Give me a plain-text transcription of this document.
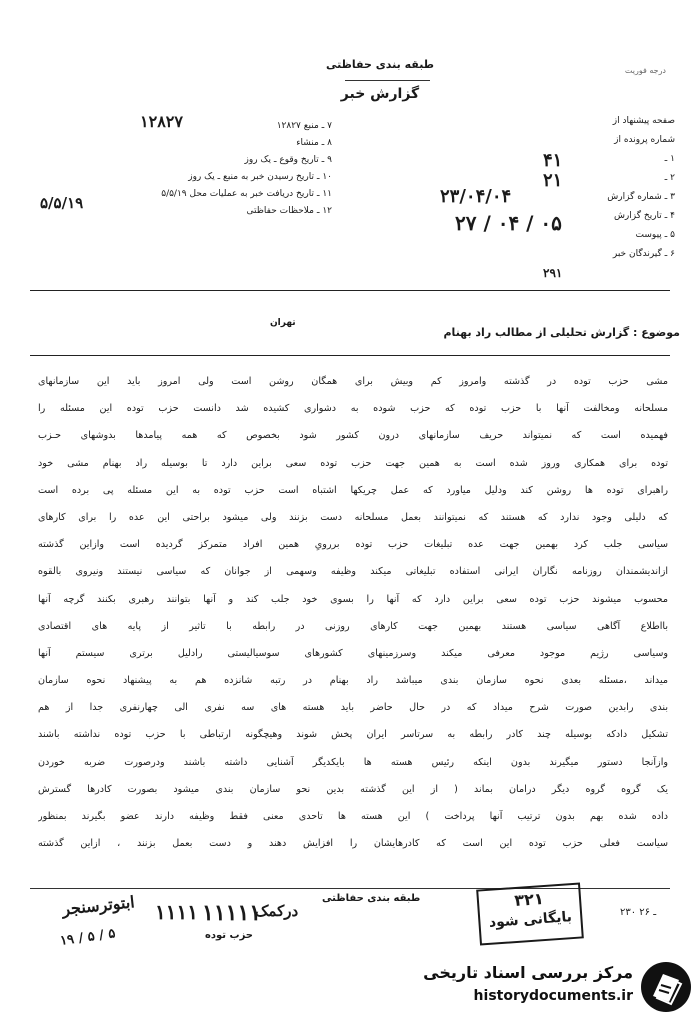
طبقه بندی حفاظتی
گزارش خبر
درجه فوریت
۷ ـ منبع ۱۲۸۲۷
۸ ـ منشاء
۹ ـ تاریخ وقوع ـ یک روز
۱۰ ـ تاریخ رسیدن خبر به منبع ـ یک روز
۱۱ ـ تاریخ دریافت خبر به عملیات محل ۵/۵/۱۹
۱۲ ـ ملاحظات حفاظتی
صفحه پیشنهاد از
شماره پرونده از
۱ ـ
۲ ـ
۳ ـ شماره گزارش
۴ ـ تاریخ گزارش
۵ ـ پیوست
۶ ـ گیرندگان خبر
۱۲۸۲۷
۵/۵/۱۹
۴۱
۲۱
۲۳/۰۴/۰۴
۲۷ / ۰۴ / ۰۵
۲۹۱
تهران
موضوع : گزارش تحلیلی از مطالب راد بهنام
مشی حزب توده در گذشته وامروز کم وبیش برای همگان روشن است ولی امروز باید این سازمانهای
مسلحانه ومخالفت آنها با حزب توده که حزب شوده به دشواری کشیده شد دانست حزب توده این مسئله را
فهمیده است که نمیتواند حریف سازمانهای درون کشور شود بخصوص که همه پیامدها بدوشهای حـزب
توده برای همکاری وروز شده است به همین جهت حزب توده سعی براین دارد تا بوسیله راد بهنام مشی خود
راهبرای توده ها روشن کند ودلیل میاورد که عمل چریکها اشتباه است حزب توده به این مسئله پی برده است
که دلیلی وجود ندارد که هستند که نمیتوانند بعمل مسلحانه دست بزنند ولی میشود براحتی این عده را برای کارهای
سیاسی جلب کرد بهمین جهت عده تبلیغات حزب توده بررویِ همین افراد متمرکز گردیده است وازاین گذشته
ازاندیشمندان روزنامه نگاران ایرانی استفاده تبلیغاتی میکند وظیفه وسهمی از جوانان که سیاسی نیستند ونیروی بالقوه
محسوب میشوند حزب توده سعی براین دارد که آنها را بسوی خود جلب کند و آنها بتوانند رهبری بکنند گرچه آنها
بااطلاع آگاهی سیاسی هستند بهمین جهت کارهای روزنی در رابطه با تاثیر از پایه های اقتصادی
وسیاسی رژیم موجود معرفی میکند وسرزمینهای کشورهای سوسیالیستی رادلیل برتری سیستم آنها
میداند ،مسئله بعدی نحوه سازمان بندی میباشد راد بهنام در رتبه شانزده هم به پیشنهاد نحوه سازمان
بندی رابدین صورت شرح میداد که در حال حاضر باید هسته های سه نفری الی چهارنفری جدا از هم
تشکیل دادکه بوسیله چند کادر رابطه به سرتاسر ایران پخش شوند وهیچگونه ارتباطی با حزب توده نداشته باشند
وازآنجا دستور میگیرند بدون اینکه رئیس هسته ها بایکدیگر آشنایی داشته باشند ودرصورت ضربه خوردن
یک گروه گروه دیگر درامان بماند ( از این گذشته بدین نحو سازمان بندی میشود بصورت کادرها گسترش
داده شده بهم بدون ترتیب آنها پرداخت ) این هسته ها تاحدی معنی فقط وظیفه دارند عضو بگیرند بمنظور
سیاست فعلی حزب توده این است که کادرهایشان را افزایش دهند و دست بعمل بزنند ، ازاین گذشته
طبقه بندی حفاظتی
۲۳۰ ـ ۲۶
ابتوترسنجر
۱۹ / ۵ / ۵
۱۱۱۱ ۱۱۱۱۱
حزب توده
درکمک
۳۲۱
بایگانی شود
مرکز بررسی اسناد تاریخی
historydocuments.ir
